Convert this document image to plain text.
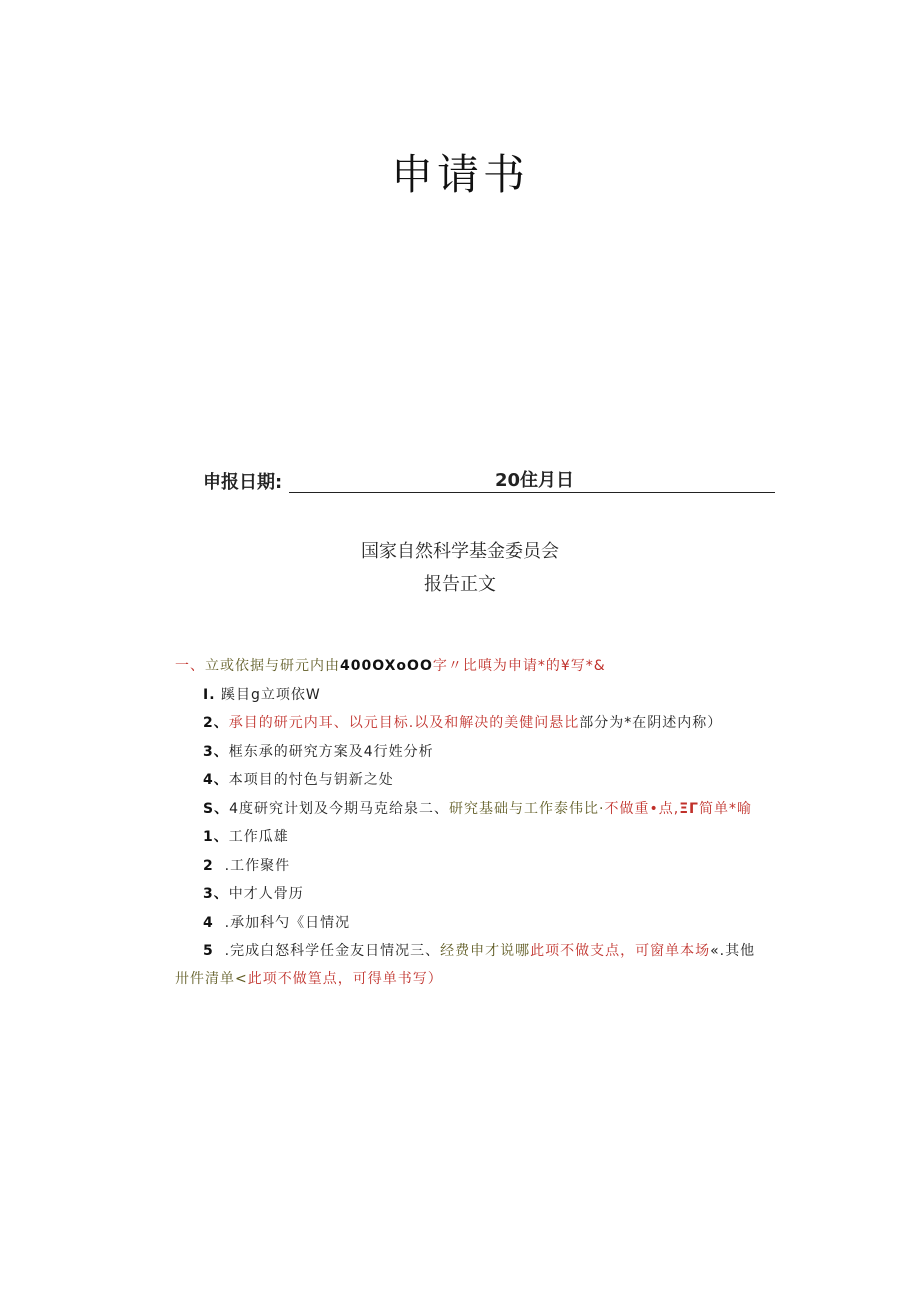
申请书
申报日期:	20住月日
国家自然科学基金委员会
报告正文
一、立或依据与研元内由400OXoOO字〃比嗔为申请*的¥写*&
I. 蹊目g立项依W
2、承目的研元内耳、以元目标.以及和解决的美健问悬比部分为*在阴述内称）
3、框东承的研究方案及4行姓分析
4、本项目的忖色与钥新之处
S、4度研究计划及今期马克给泉二、研究基础与工作泰伟比·不做重•点,ΞΓ简单*喻
1、工作瓜雄
2 .工作聚件
3、中才人骨历
4 .承加科勺《日情况
5 .完成白怒科学任金友日情况三、经费申才说哪此项不做支点，可窗单本场«.其他
卅件清单<此项不做篁点，可得单书写）
